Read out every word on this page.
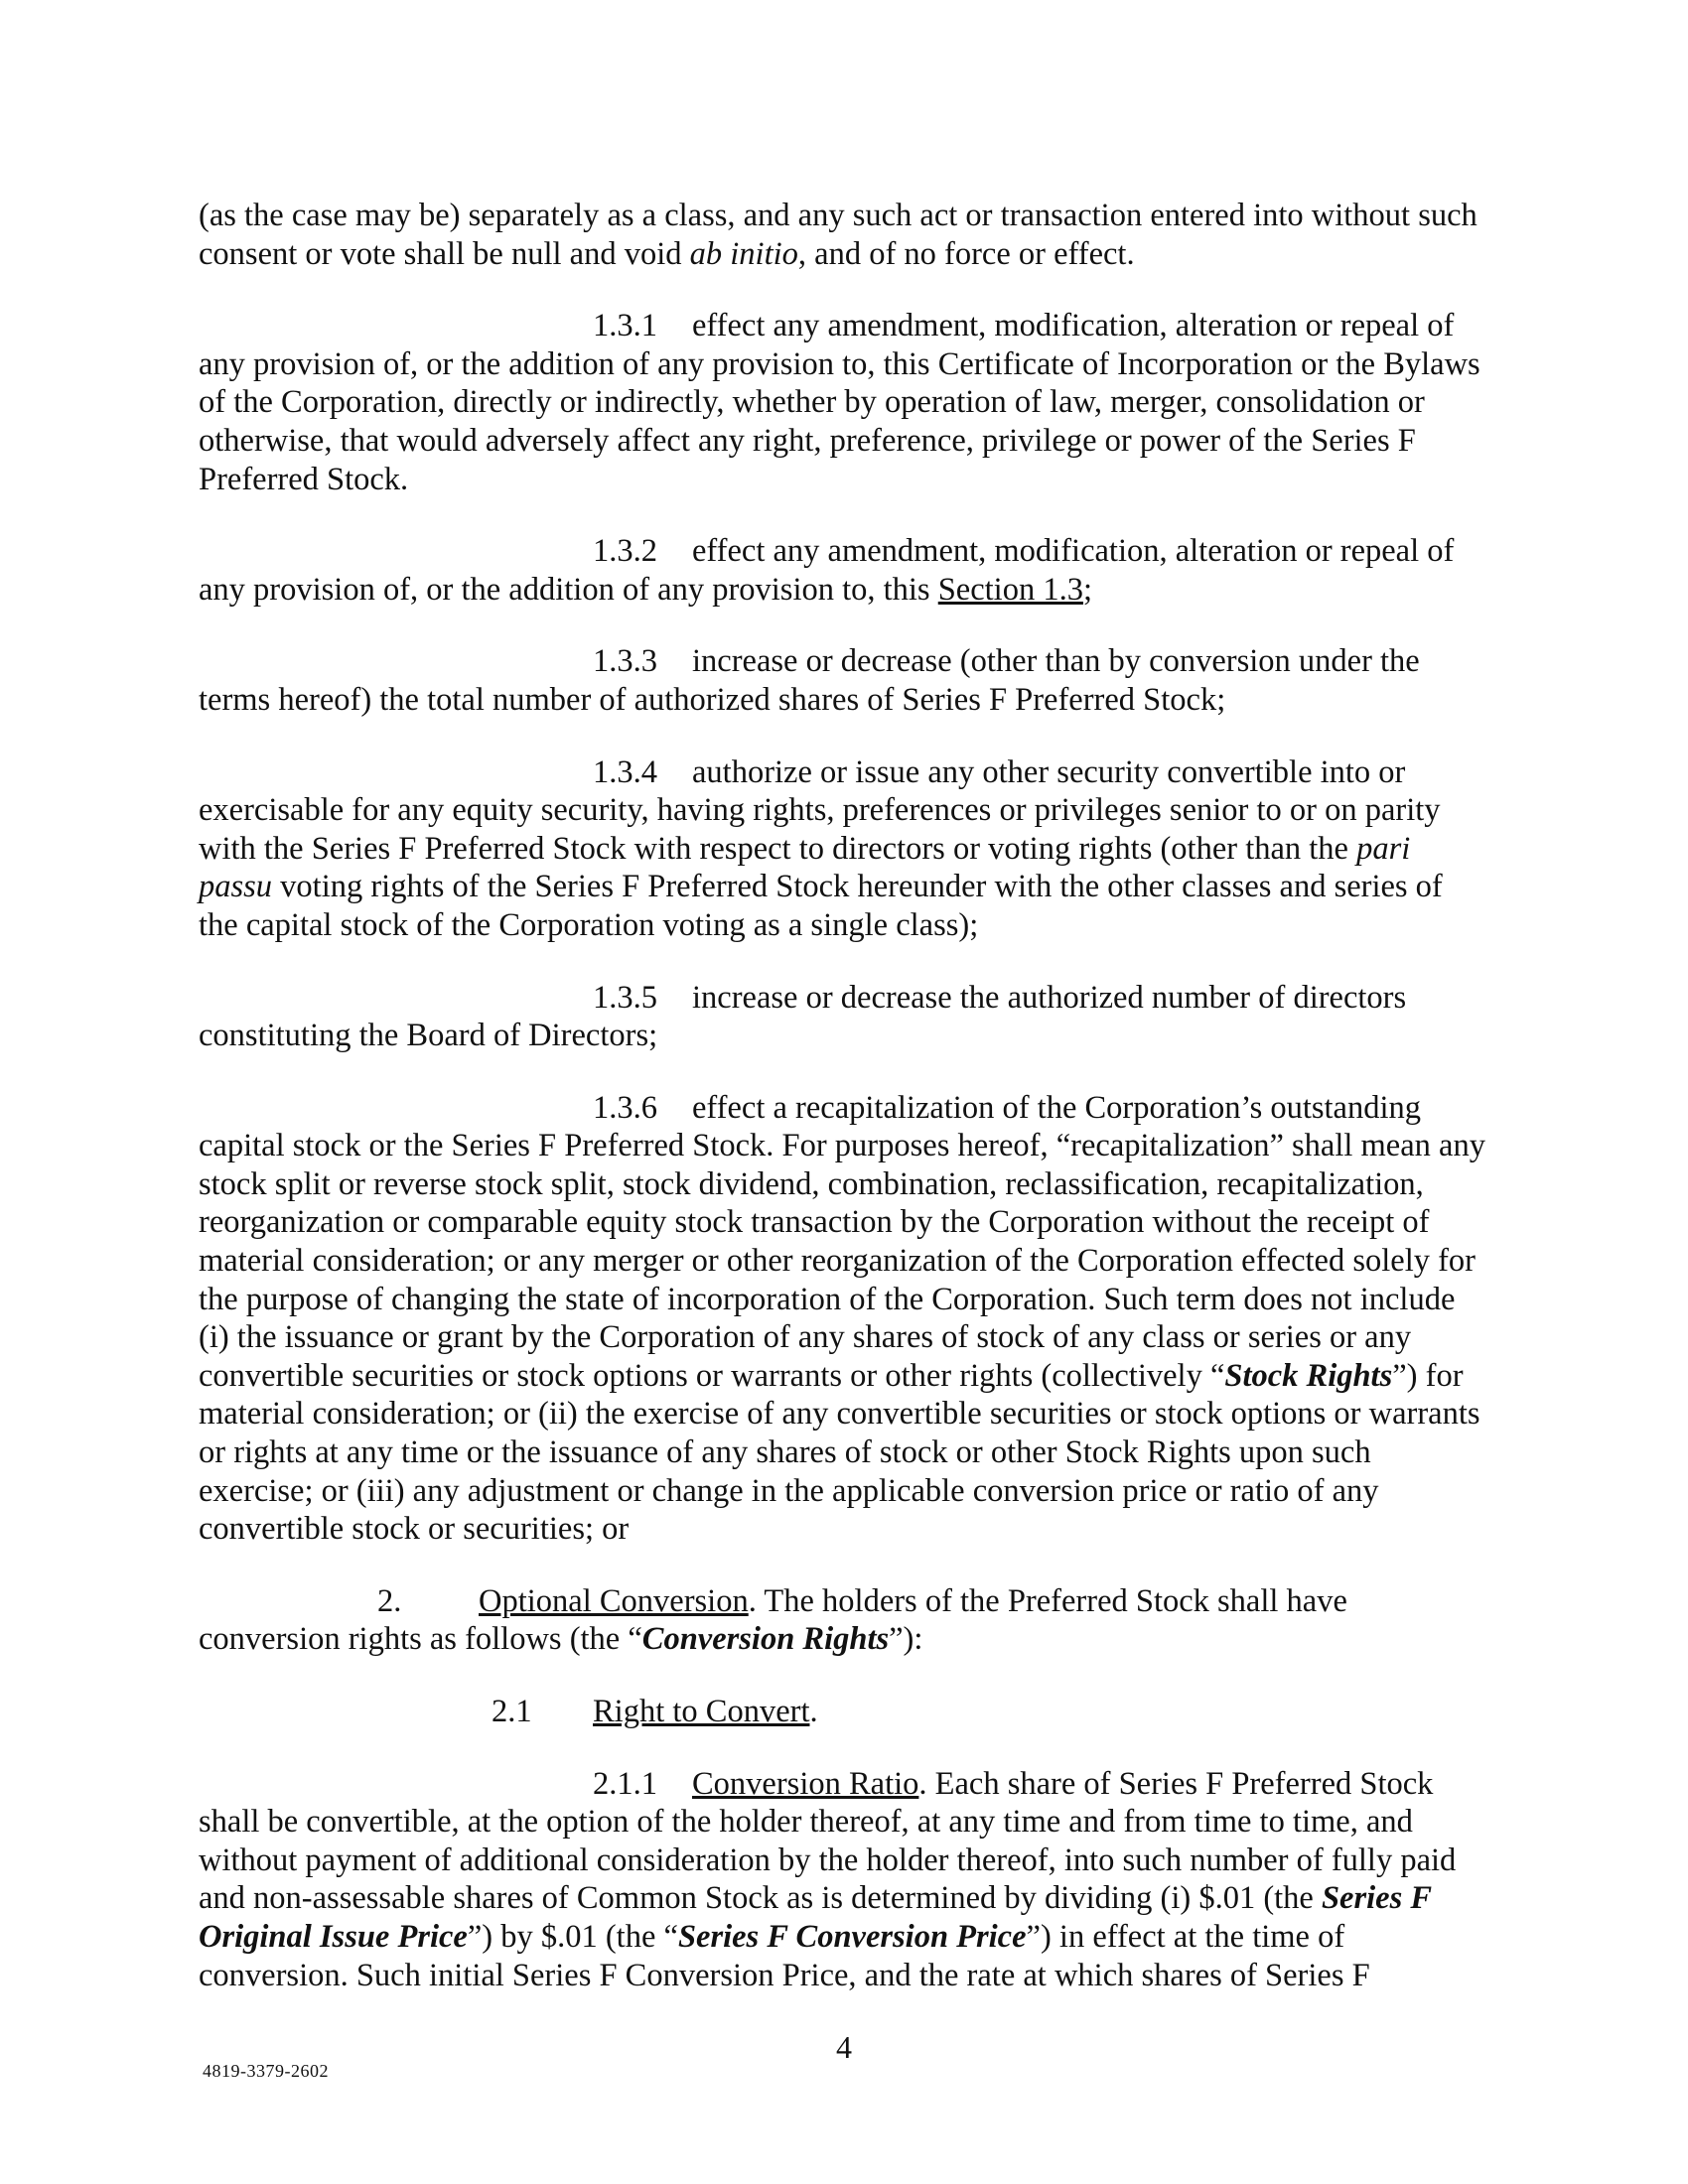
(as the case may be) separately as a class, and any such act or transaction entered into without such consent or vote shall be null and void ab initio, and of no force or effect.

1.3.1 effect any amendment, modification, alteration or repeal of any provision of, or the addition of any provision to, this Certificate of Incorporation or the Bylaws of the Corporation, directly or indirectly, whether by operation of law, merger, consolidation or otherwise, that would adversely affect any right, preference, privilege or power of the Series F Preferred Stock.

1.3.2 effect any amendment, modification, alteration or repeal of any provision of, or the addition of any provision to, this Section 1.3;

1.3.3 increase or decrease (other than by conversion under the terms hereof) the total number of authorized shares of Series F Preferred Stock;

1.3.4 authorize or issue any other security convertible into or exercisable for any equity security, having rights, preferences or privileges senior to or on parity with the Series F Preferred Stock with respect to directors or voting rights (other than the pari passu voting rights of the Series F Preferred Stock hereunder with the other classes and series of the capital stock of the Corporation voting as a single class);

1.3.5 increase or decrease the authorized number of directors constituting the Board of Directors;

1.3.6 effect a recapitalization of the Corporation’s outstanding capital stock or the Series F Preferred Stock. For purposes hereof, “recapitalization” shall mean any stock split or reverse stock split, stock dividend, combination, reclassification, recapitalization, reorganization or comparable equity stock transaction by the Corporation without the receipt of material consideration; or any merger or other reorganization of the Corporation effected solely for the purpose of changing the state of incorporation of the Corporation. Such term does not include (i) the issuance or grant by the Corporation of any shares of stock of any class or series or any convertible securities or stock options or warrants or other rights (collectively “Stock Rights”) for material consideration; or (ii) the exercise of any convertible securities or stock options or warrants or rights at any time or the issuance of any shares of stock or other Stock Rights upon such exercise; or (iii) any adjustment or change in the applicable conversion price or ratio of any convertible stock or securities; or

2. Optional Conversion. The holders of the Preferred Stock shall have conversion rights as follows (the “Conversion Rights”):

2.1 Right to Convert.

2.1.1 Conversion Ratio. Each share of Series F Preferred Stock shall be convertible, at the option of the holder thereof, at any time and from time to time, and without payment of additional consideration by the holder thereof, into such number of fully paid and non-assessable shares of Common Stock as is determined by dividing (i) $.01 (the Series F Original Issue Price”) by $.01 (the “Series F Conversion Price”) in effect at the time of conversion. Such initial Series F Conversion Price, and the rate at which shares of Series F

4
4819-3379-2602
